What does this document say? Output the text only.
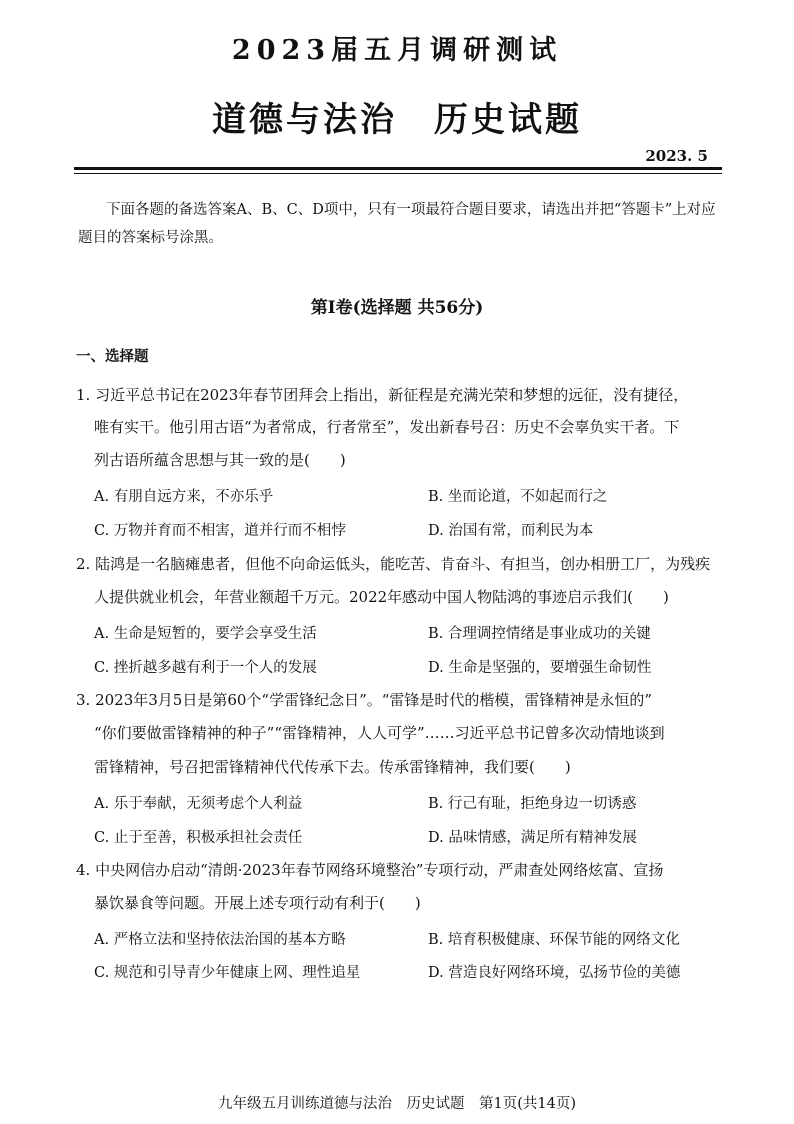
2023届五月调研测试
道德与法治　历史试题
2023. 5
下面各题的备选答案A、B、C、D项中，只有一项最符合题目要求，请选出并把“答题卡”上对应题目的答案标号涂黑。
第Ⅰ卷(选择题 共56分)
一、选择题
1. 习近平总书记在2023年春节团拜会上指出，新征程是充满光荣和梦想的远征，没有捷径，
唯有实干。他引用古语“为者常成，行者常至”，发出新春号召：历史不会辜负实干者。下
列古语所蕴含思想与其一致的是(　　)
A. 有朋自远方来，不亦乐乎	B. 坐而论道，不如起而行之
C. 万物并育而不相害，道并行而不相悖	D. 治国有常，而利民为本
2. 陆鸿是一名脑瘫患者，但他不向命运低头，能吃苦、肯奋斗、有担当，创办相册工厂，为残疾
人提供就业机会，年营业额超千万元。2022年感动中国人物陆鸿的事迹启示我们(　　)
A. 生命是短暂的，要学会享受生活	B. 合理调控情绪是事业成功的关键
C. 挫折越多越有利于一个人的发展	D. 生命是坚强的，要增强生命韧性
3. 2023年3月5日是第60个“学雷锋纪念日”。“雷锋是时代的楷模，雷锋精神是永恒的”
“你们要做雷锋精神的种子”“雷锋精神，人人可学”……习近平总书记曾多次动情地谈到
雷锋精神，号召把雷锋精神代代传承下去。传承雷锋精神，我们要(　　)
A. 乐于奉献，无须考虑个人利益	B. 行己有耻，拒绝身边一切诱惑
C. 止于至善，积极承担社会责任	D. 品味情感，满足所有精神发展
4. 中央网信办启动“清朗·2023年春节网络环境整治”专项行动，严肃查处网络炫富、宣扬
暴饮暴食等问题。开展上述专项行动有利于(　　)
A. 严格立法和坚持依法治国的基本方略	B. 培育积极健康、环保节能的网络文化
C. 规范和引导青少年健康上网、理性追星	D. 营造良好网络环境，弘扬节俭的美德
九年级五月训练道德与法治　历史试题　第1页(共14页)
